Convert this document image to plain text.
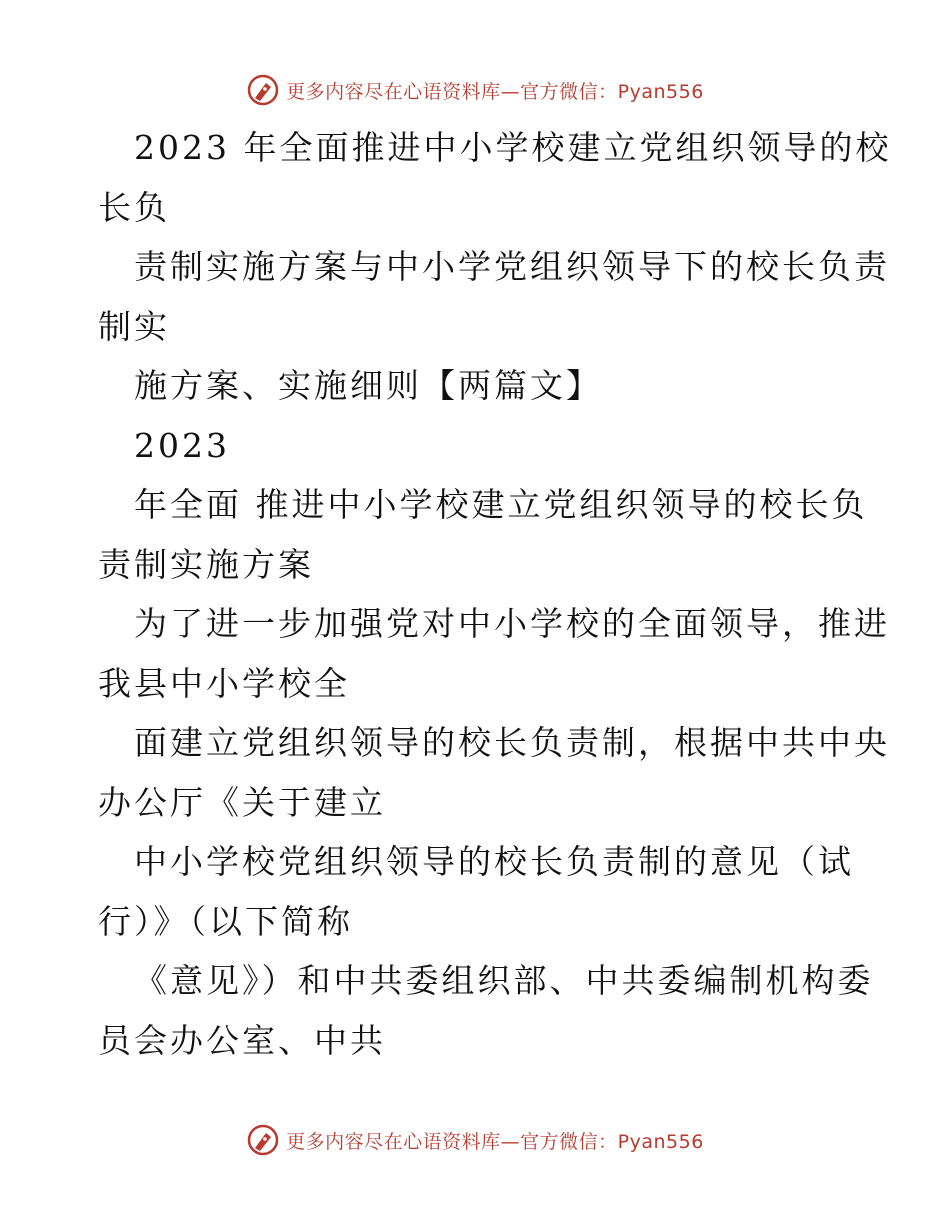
更多内容尽在心语资料库—官方微信：Pyan556
2023 年全面推进中小学校建立党组织领导的校
长负
责制实施方案与中小学党组织领导下的校长负责
制实
施方案、实施细则【两篇文】
2023
年全面 推进中小学校建立党组织领导的校长负
责制实施方案
为了进一步加强党对中小学校的全面领导，推进
我县中小学校全
面建立党组织领导的校长负责制，根据中共中央
办公厅《关于建立
中小学校党组织领导的校长负责制的意见（试
行）》（以下简称
《意见》）和中共委组织部、中共委编制机构委
员会办公室、中共
更多内容尽在心语资料库—官方微信：Pyan556
